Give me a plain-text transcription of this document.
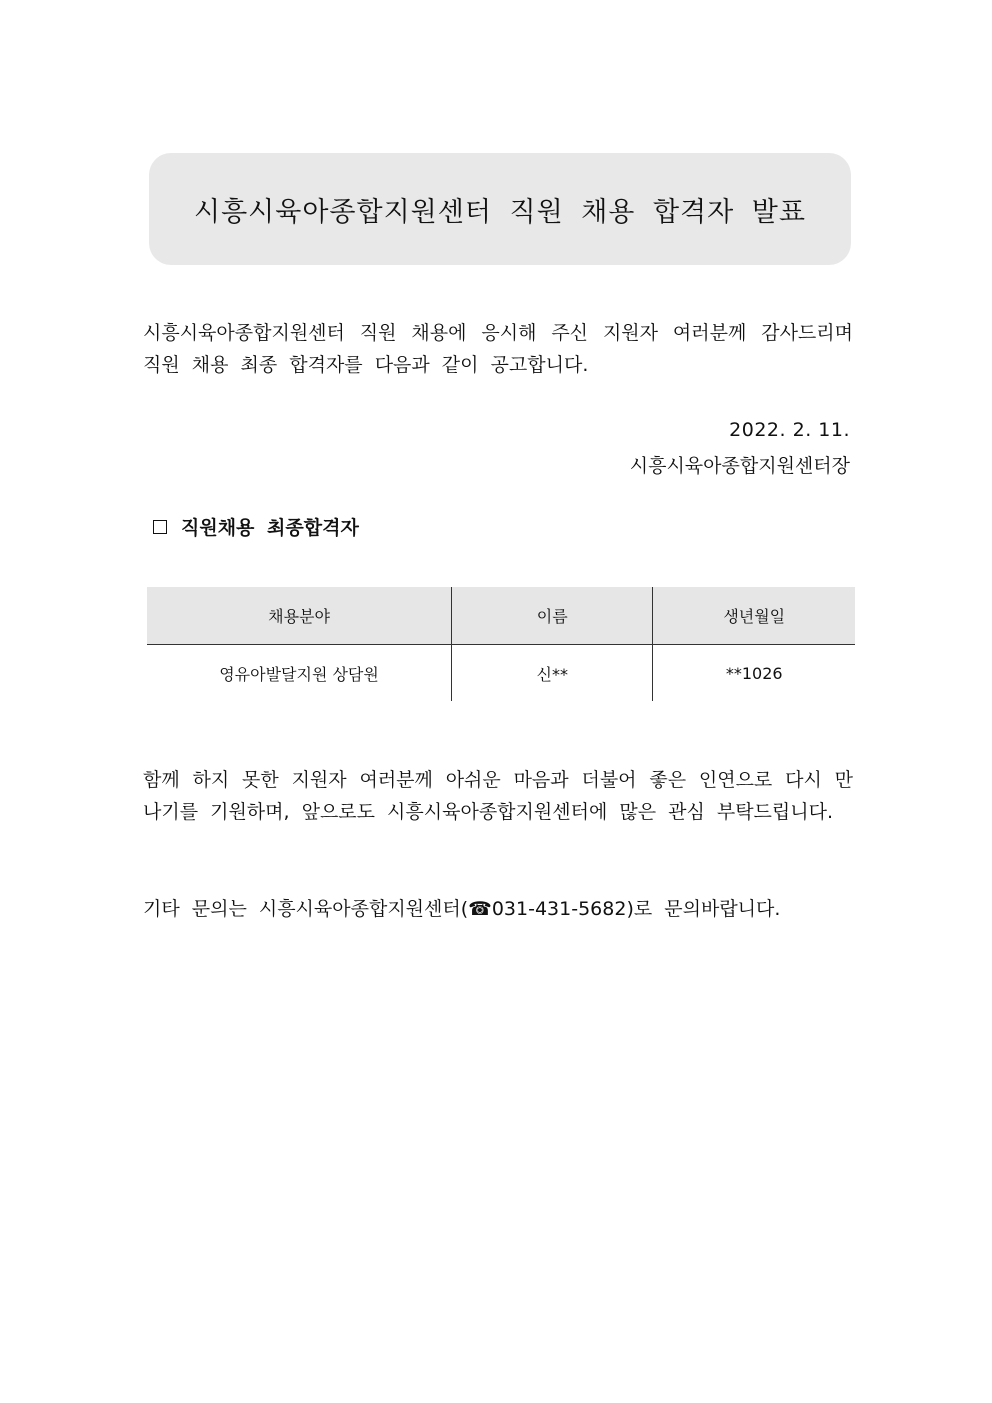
시흥시육아종합지원센터 직원 채용 합격자 발표
시흥시육아종합지원센터 직원 채용에 응시해 주신 지원자 여러분께 감사드리며 직원 채용 최종 합격자를 다음과 같이 공고합니다.
2022. 2. 11.
시흥시육아종합지원센터장
직원채용 최종합격자
채용분야	이름	생년월일
영유아발달지원 상담원	신**	**1026
함께 하지 못한 지원자 여러분께 아쉬운 마음과 더불어 좋은 인연으로 다시 만나기를 기원하며, 앞으로도 시흥시육아종합지원센터에 많은 관심 부탁드립니다.
기타 문의는 시흥시육아종합지원센터(☎031-431-5682)로 문의바랍니다.
